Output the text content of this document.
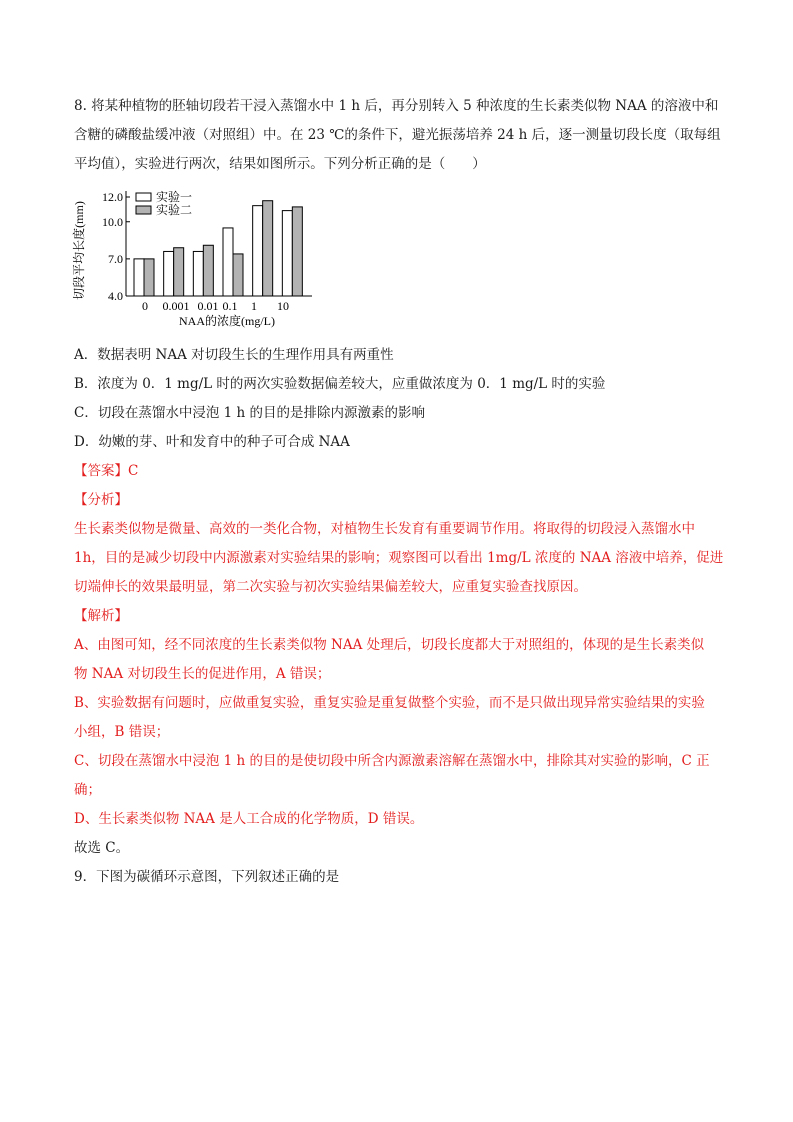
8. 将某种植物的胚轴切段若干浸入蒸馏水中 1 h 后，再分别转入 5 种浓度的生长素类似物 NAA 的溶液中和

含糖的磷酸盐缓冲液（对照组）中。在 23 ℃的条件下，避光振荡培养 24 h 后，逐一测量切段长度（取每组

平均值），实验进行两次，结果如图所示。下列分析正确的是（　　）

4.0
7.0
10.0
12.0
切段平均长度(mm)
0 0.001 0.01 0.1 1 10
NAA的浓度(mg/L)
实验一
实验二

A．数据表明 NAA 对切段生长的生理作用具有两重性

B．浓度为 0．1 mg/L 时的两次实验数据偏差较大，应重做浓度为 0．1 mg/L 时的实验

C．切段在蒸馏水中浸泡 1 h 的目的是排除内源激素的影响

D．幼嫩的芽、叶和发育中的种子可合成 NAA

【答案】C

【分析】

生长素类似物是微量、高效的一类化合物，对植物生长发育有重要调节作用。将取得的切段浸入蒸馏水中

1h，目的是减少切段中内源激素对实验结果的影响；观察图可以看出 1mg/L 浓度的 NAA 溶液中培养，促进

切端伸长的效果最明显，第二次实验与初次实验结果偏差较大，应重复实验查找原因。

【解析】

A、由图可知，经不同浓度的生长素类似物 NAA 处理后，切段长度都大于对照组的，体现的是生长素类似

物 NAA 对切段生长的促进作用，A 错误；

B、实验数据有问题时，应做重复实验，重复实验是重复做整个实验，而不是只做出现异常实验结果的实验

小组，B 错误；

C、切段在蒸馏水中浸泡 1 h 的目的是使切段中所含内源激素溶解在蒸馏水中，排除其对实验的影响，C 正

确；

D、生长素类似物 NAA 是人工合成的化学物质，D 错误。

故选 C。

9．下图为碳循环示意图，下列叙述正确的是
